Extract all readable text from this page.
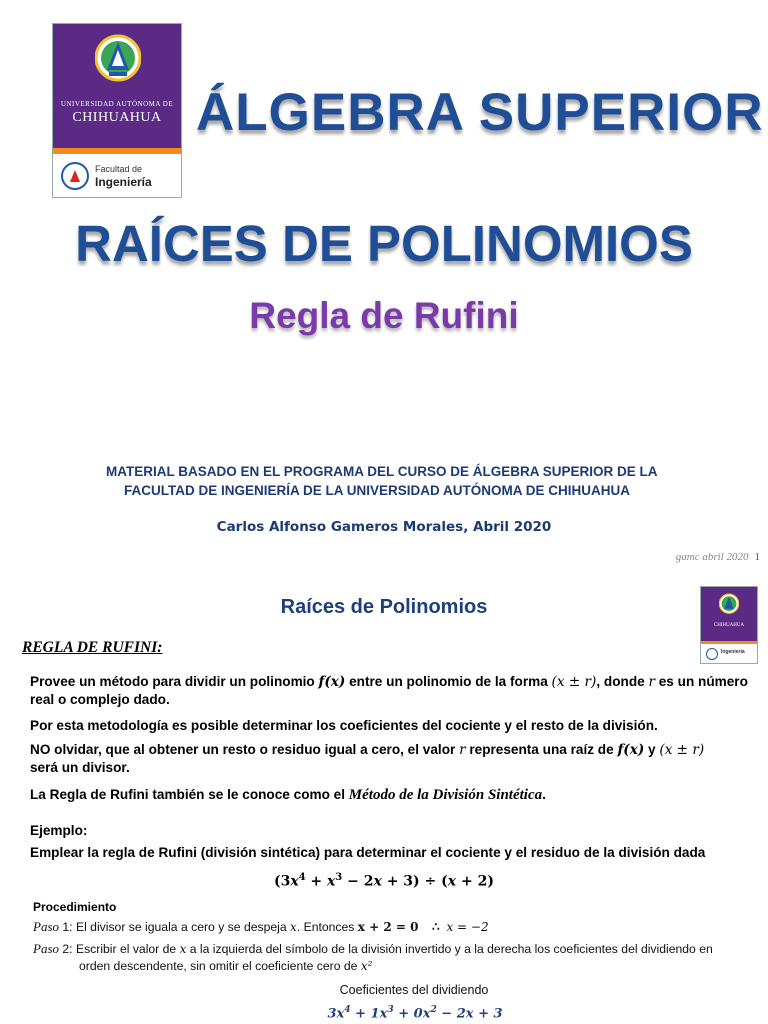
UNIVERSIDAD AUTÓNOMA DE
CHIHUAHUA
Facultad de
Ingeniería
ÁLGEBRA SUPERIOR
RAÍCES DE POLINOMIOS
Regla de Rufini
MATERIAL BASADO EN EL PROGRAMA DEL CURSO DE ÁLGEBRA SUPERIOR DE LA
FACULTAD DE INGENIERÍA DE LA UNIVERSIDAD AUTÓNOMA DE CHIHUAHUA
Carlos Alfonso Gameros Morales, Abril 2020
gamc abril 2020 1
Raíces de Polinomios
CHIHUAHUA
Ingeniería
REGLA DE RUFINI:
Provee un método para dividir un polinomio f(x) entre un polinomio de la forma (x ± r), donde r es un número real o complejo dado.
Por esta metodología es posible determinar los coeficientes del cociente y el resto de la división.
NO olvidar, que al obtener un resto o residuo igual a cero, el valor r representa una raíz de f(x) y (x ± r)
será un divisor.
La Regla de Rufini también se le conoce como el Método de la División Sintética.
Ejemplo:
Emplear la regla de Rufini (división sintética) para determinar el cociente y el residuo de la división dada
$(3x^4 + x^3 - 2x + 3) \div (x + 2)$
Procedimiento
Paso 1: El divisor se iguala a cero y se despeja x. Entonces x + 2 = 0 ∴ x = −2
Paso 2: Escribir el valor de x a la izquierda del símbolo de la división invertido y a la derecha los coeficientes del dividiendo en
orden descendente, sin omitir el coeficiente cero de x²
Coeficientes del dividiendo
$3x^4 + 1x^3 + 0x^2 - 2x + 3$
